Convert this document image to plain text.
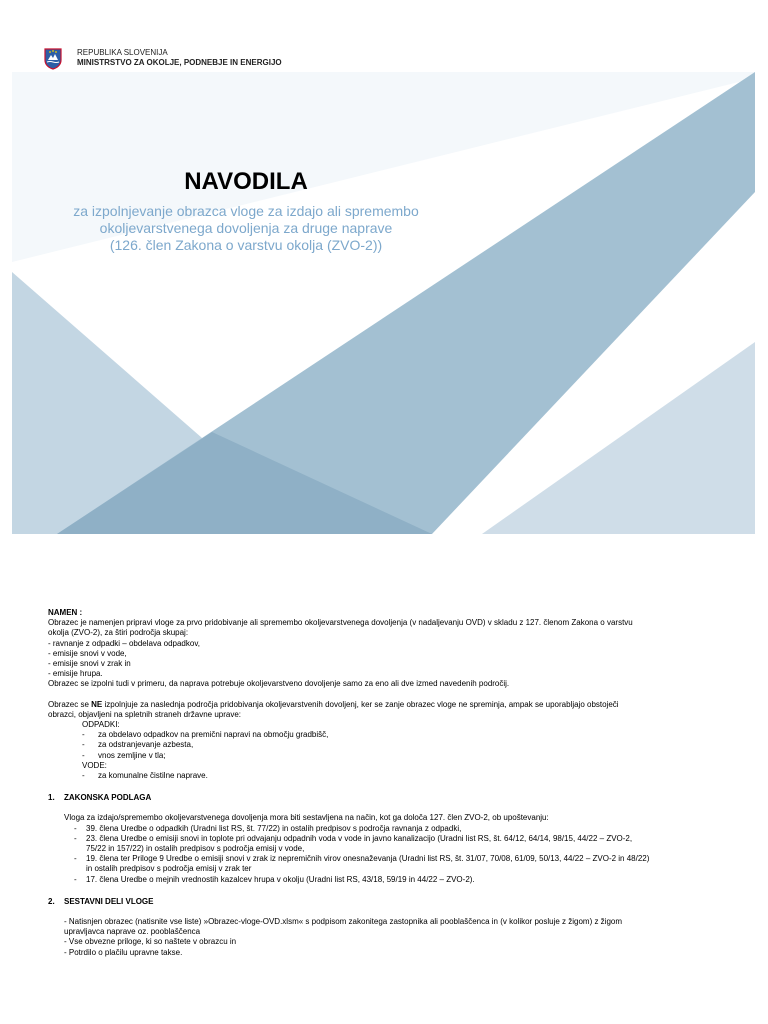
REPUBLIKA SLOVENIJA
MINISTRSTVO ZA OKOLJE, PODNEBJE IN ENERGIJO
NAVODILA
za izpolnjevanje obrazca vloge za izdajo ali spremembo
okoljevarstvenega dovoljenja za druge naprave
(126. člen Zakona o varstvu okolja (ZVO-2))

NAMEN :

Obrazec je namenjen pripravi vloge za prvo pridobivanje ali spremembo okoljevarstvenega dovoljenja (v nadaljevanju OVD) v skladu z 127. členom Zakona o varstvu

okolja (ZVO-2), za štiri področja skupaj:

- ravnanje z odpadki – obdelava odpadkov,

- emisije snovi v vode,

- emisije snovi v zrak in

- emisije hrupa.

Obrazec se izpolni tudi v primeru, da naprava potrebuje okoljevarstveno dovoljenje samo za eno ali dve izmed navedenih področij.

Obrazec se NE izpolnjuje za naslednja področja pridobivanja okoljevarstvenih dovoljenj, ker se zanje obrazec vloge ne spreminja, ampak se uporabljajo obstoječi

obrazci, objavljeni na spletnih straneh državne uprave:

ODPADKI:

-	za obdelavo odpadkov na premični napravi na območju gradbišč,
-	za odstranjevanje azbesta,
-	vnos zemljine v tla;

VODE:

-	za komunalne čistilne naprave.

1. ZAKONSKA PODLAGA

Vloga za izdajo/spremembo okoljevarstvenega dovoljenja mora biti sestavljena na način, kot ga določa 127. člen ZVO-2, ob upoštevanju:

-	39. člena Uredbe o odpadkih (Uradni list RS, št. 77/22) in ostalih predpisov s področja ravnanja z odpadki,
-	23. člena Uredbe o emisiji snovi in toplote pri odvajanju odpadnih voda v vode in javno kanalizacijo (Uradni list RS, št. 64/12, 64/14, 98/15, 44/22 – ZVO-2,
75/22 in 157/22) in ostalih predpisov s področja emisij v vode,
-	19. člena ter Priloge 9 Uredbe o emisiji snovi v zrak iz nepremičnih virov onesnaževanja (Uradni list RS, št. 31/07, 70/08, 61/09, 50/13, 44/22 – ZVO-2 in 48/22)
in ostalih predpisov s področja emisij v zrak ter
-	17. člena Uredbe o mejnih vrednostih kazalcev hrupa v okolju (Uradni list RS, 43/18, 59/19 in 44/22 – ZVO-2).

2. SESTAVNI DELI VLOGE

- Natisnjen obrazec (natisnite vse liste) »Obrazec-vloge-OVD.xlsm« s podpisom zakonitega zastopnika ali pooblaščenca in (v kolikor posluje z žigom) z žigom

upravljavca naprave oz. pooblaščenca

- Vse obvezne priloge, ki so naštete v obrazcu in

- Potrdilo o plačilu upravne takse.
